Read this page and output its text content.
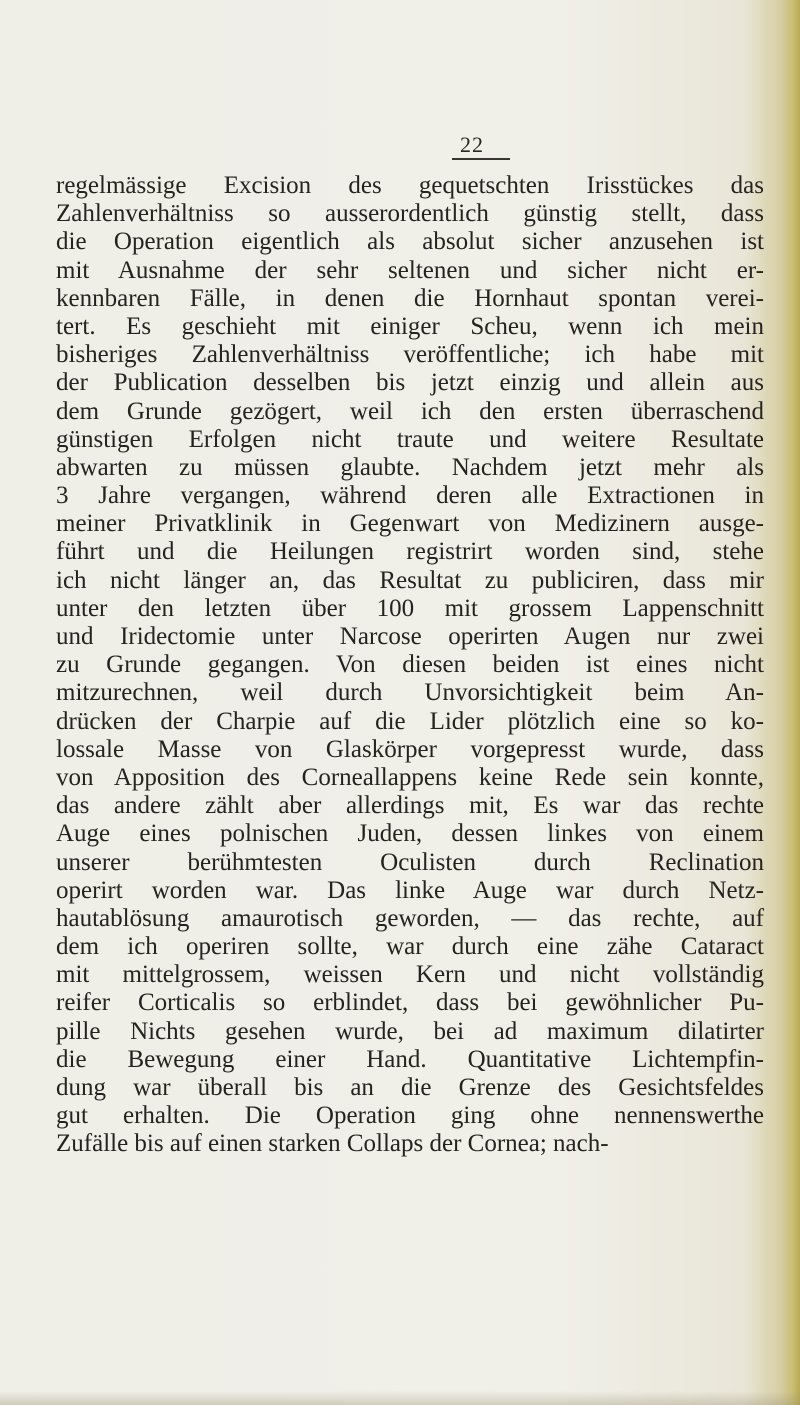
22
regelmässige Excision des gequetschten Irisstückes das
Zahlenverhältniss so ausserordentlich günstig stellt, dass
die Operation eigentlich als absolut sicher anzusehen ist
mit Ausnahme der sehr seltenen und sicher nicht er-
kennbaren Fälle, in denen die Hornhaut spontan verei-
tert. Es geschieht mit einiger Scheu, wenn ich mein
bisheriges Zahlenverhältniss veröffentliche; ich habe mit
der Publication desselben bis jetzt einzig und allein aus
dem Grunde gezögert, weil ich den ersten überraschend
günstigen Erfolgen nicht traute und weitere Resultate
abwarten zu müssen glaubte. Nachdem jetzt mehr als
3 Jahre vergangen, während deren alle Extractionen in
meiner Privatklinik in Gegenwart von Medizinern ausge-
führt und die Heilungen registrirt worden sind, stehe
ich nicht länger an, das Resultat zu publiciren, dass mir
unter den letzten über 100 mit grossem Lappenschnitt
und Iridectomie unter Narcose operirten Augen nur zwei
zu Grunde gegangen. Von diesen beiden ist eines nicht
mitzurechnen, weil durch Unvorsichtigkeit beim An-
drücken der Charpie auf die Lider plötzlich eine so ko-
lossale Masse von Glaskörper vorgepresst wurde, dass
von Apposition des Corneallappens keine Rede sein konnte,
das andere zählt aber allerdings mit, Es war das rechte
Auge eines polnischen Juden, dessen linkes von einem
unserer berühmtesten Oculisten durch Reclination
operirt worden war. Das linke Auge war durch Netz-
hautablösung amaurotisch geworden, — das rechte, auf
dem ich operiren sollte, war durch eine zähe Cataract
mit mittelgrossem, weissen Kern und nicht vollständig
reifer Corticalis so erblindet, dass bei gewöhnlicher Pu-
pille Nichts gesehen wurde, bei ad maximum dilatirter
die Bewegung einer Hand. Quantitative Lichtempfin-
dung war überall bis an die Grenze des Gesichtsfeldes
gut erhalten. Die Operation ging ohne nennenswerthe
Zufälle bis auf einen starken Collaps der Cornea; nach-
